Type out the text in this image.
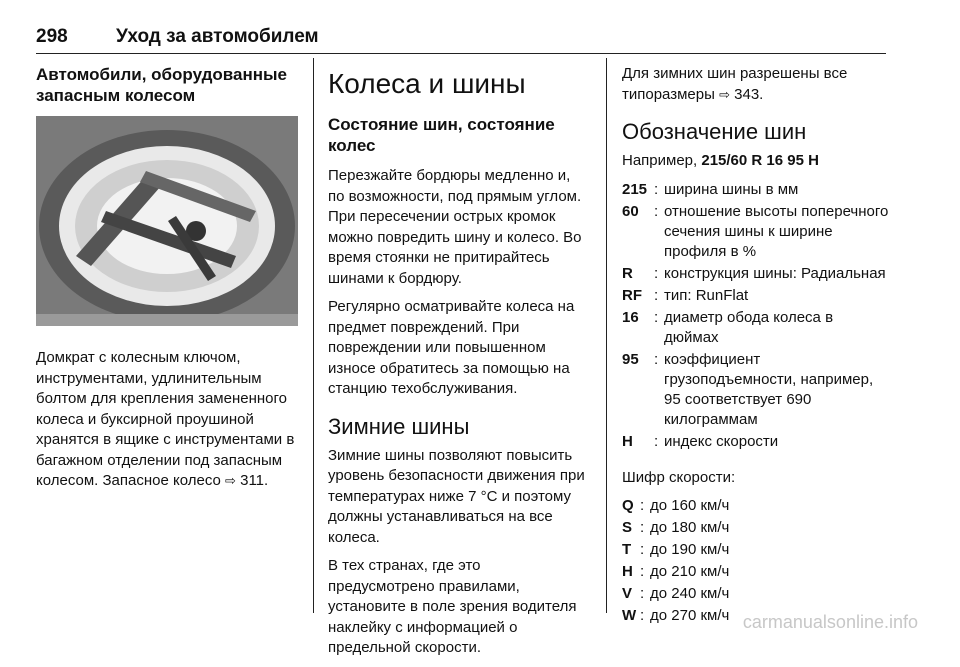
298	Уход за автомобилем
Автомобили, оборудованные запасным колесом

Домкрат с колесным ключом, инструментами, удлинительным болтом для крепления замененного колеса и буксирной проушиной хранятся в ящике с инструментами в багажном отделении под запасным колесом. Запасное колесо ⇨ 311.

Колеса и шины
Состояние шин, состояние колес

Перезжайте бордюры медленно и, по возможности, под прямым углом. При пересечении острых кромок можно повредить шину и колесо. Во время стоянки не притирайтесь шинами к бордюру.

Регулярно осматривайте колеса на предмет повреждений. При повреждении или повышенном износе обратитесь за помощью на станцию техобслуживания.

Зимние шины

Зимние шины позволяют повысить уровень безопасности движения при температурах ниже 7 °C и поэтому должны устанавливаться на все колеса.

В тех странах, где это предусмотрено правилами, установите в поле зрения водителя наклейку с информацией о предельной скорости.

Для зимних шин разрешены все типоразмеры ⇨ 343.

Обозначение шин

Например, 215/60 R 16 95 H

215 : ширина шины в мм
60	: отношение высоты поперечного сечения шины к ширине профиля в %
R	: конструкция шины: Радиальная
RF : тип: RunFlat
16	: диаметр обода колеса в дюймах
95	: коэффициент грузоподъемности, например, 95 соответствует 690 килограммам
H	: индекс скорости

Шифр скорости:

Q : до 160 км/ч
S : до 180 км/ч
T : до 190 км/ч
H : до 210 км/ч
V : до 240 км/ч
W : до 270 км/ч carmanualsonline.info
